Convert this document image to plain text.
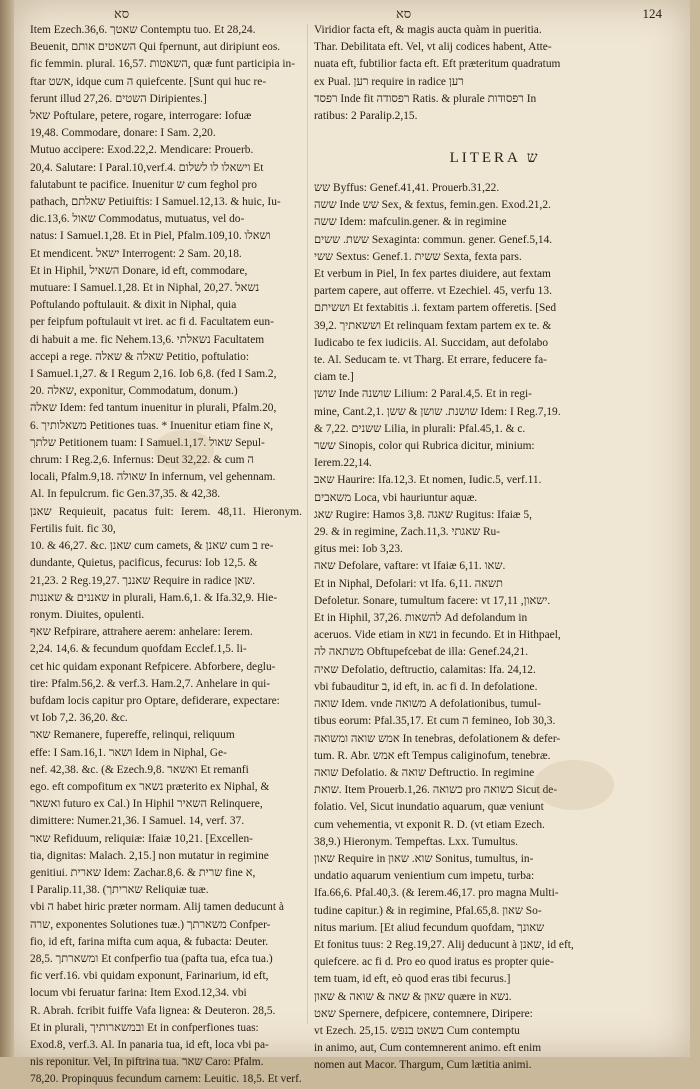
סא	סא	124

Item Ezech.36,6. שאטך Contemptu tuo. Et 28,24.

Beuenit, השאטים אותם Qui fpernunt, aut diripiunt eos.

fic femmin. plural. 16,57. השאטות, quæ funt participia in-

ftar אשט, idque cum ה quiefcente. [Sunt qui huc re-

ferunt illud 27,26. השטים Diripientes.]

שאל Poftulare, petere, rogare, interrogare: Iofuæ

19,48. Commodare, donare: I Sam. 2,20.

Mutuo accipere: Exod.22,2. Mendicare: Prouerb.

20,4. Salutare: I Paral.10,verf.4. וישאלו לו לשלום Et

falutabunt te pacifice. Inuenitur ש cum feghol pro

pathach, שאלתם Petiuiftis: I Samuel.12,13. & huic, Iu-

dic.13,6. שאול Commodatus, mutuatus, vel do-

natus: I Samuel.1,28. Et in Piel, Pfalm.109,10. ושאלו

Et mendicent. ישאל Interrogent: 2 Sam. 20,18.

Et in Hiphil, השאיל Donare, id eft, commodare,

mutuare: I Samuel.1,28. Et in Niphal, 20,27. נשאל

Poftulando poftulauit. & dixit in Niphal, quia

per feipfum poftulauit vt iret. ac fi d. Facultatem eun-

di habuit a me. fic Nehem.13,6. נשאלתי Facultatem

accepi a rege. שאלה & שאלה Petitio, poftulatio:

I Samuel.1,27. & I Regum 2,16. Iob 6,8. (fed I Sam.2,

20. שאלה, exponitur, Commodatum, donum.)

שאלה Idem: fed tantum inuenitur in plurali, Pfalm.20,

6. משאלותיך Petitiones tuas. * Inuenitur etiam fine א,

שלתך Petitionem tuam: I Samuel.1,17. שאול Sepul-

chrum: I Reg.2,6. Infernus: Deut 32,22. & cum ה

locali, Pfalm.9,18. שאולה In infernum, vel gehennam.

Al. In fepulcrum. fic Gen.37,35. & 42,38.

שאנן Requieuit, pacatus fuit: Ierem. 48,11. Hieronym. Fertilis fuit. fic 30,

10. & 46,27. &c. שאנן cum camets, & שאנן cum ב re-

dundante, Quietus, pacificus, fecurus: Iob 12,5. &

21,23. 2 Reg.19,27. שאננך Require in radice שאן.

שאננים & שאננות in plurali, Ham.6,1. & Ifa.32,9. Hie-

ronym. Diuites, opulenti.

שאף Refpirare, attrahere aerem: anhelare: Ierem.

2,24. 14,6. & fecundum quofdam Ecclef.1,5. li-

cet hic quidam exponant Refpicere. Abforbere, deglu-

tire: Pfalm.56,2. & verf.3. Ham.2,7. Anhelare in qui-

bufdam locis capitur pro Optare, defiderare, expectare:

vt Iob 7,2. 36,20. &c.

שאר Remanere, fupereffe, relinqui, reliquum

effe: I Sam.16,1. ושאר Idem in Niphal, Ge-

nef. 42,38. &c. (& Ezech.9,8. ואשאר Et remanfi

ego. eft compofitum ex נשאר præterito ex Niphal, &

ואשאר futuro ex Cal.) In Hiphil השאיר Relinquere,

dimittere: Numer.21,36. I Samuel. 14, verf. 37.

שאר Refiduum, reliquiæ: Ifaiæ 10,21. [Excellen-

tia, dignitas: Malach. 2,15.] non mutatur in regimine

genitiui. שארית Idem: Zachar.8,6. & שרית fine א,

I Paralip.11,38. (שאריתך Reliquiæ tuæ.

vbi ה habet hiric præter normam. Alij tamen deducunt à

שרה, exponentes Solutiones tuæ.) משארתך Confper-

fio, id eft, farina mifta cum aqua, & fubacta: Deuter.

28,5. ומשארתך Et confperfio tua (pafta tua, efca tua.)

fic verf.16. vbi quidam exponunt, Farinarium, id eft,

locum vbi feruatur farina: Item Exod.12,34. vbi

R. Abrah. fcribit fuiffe Vafa lignea: & Deuteron. 28,5.

Et in plurali, ובמשארותיך Et in confperfiones tuas:

Exod.8, verf.3. Al. In panaria tua, id eft, loca vbi pa-

nis reponitur. Vel, In piftrina tua. שאר Caro: Pfalm.

78,20. Propinquus fecundum carnem: Leuitic. 18,5. Et verf.

Viridior facta eft, & magis aucta quàm in pueritia.

Thar. Debilitata eft. Vel, vt alij codices habent, Atte-

nuata eft, fubtilior facta eft. Eft præteritum quadratum

ex Pual. רען require in radice רען

רפסד Inde fit רפסודה Ratis. & plurale רפסודות In

ratibus: 2 Paralip.2,15.

LITERA ש

שש Byffus: Genef.41,41. Prouerb.31,22.

ששה Inde שש Sex, & fextus, femin.gen. Exod.21,2.

ששה Idem: mafculin.gener. & in regimine

ששת. ששים Sexaginta: commun. gener. Genef.5,14.

ששי Sextus: Genef.1. ששית Sexta, fexta pars.

Et verbum in Piel, In fex partes diuidere, aut fextam

partem capere, aut offerre. vt Ezechiel. 45, verfu 13.

וששיתם Et fextabitis .i. fextam partem offeretis. [Sed

39,2. וששאתיך Et relinquam fextam partem ex te. &

Iudicabo te fex iudiciis. Al. Succidam, aut defolabo

te. Al. Seducam te. vt Tharg. Et errare, feducere fa-

ciam te.]

שושן Inde שושנה Lilium: 2 Paral.4,5. Et in regi-

mine, Cant.2,1. שושנת. שושן & ששן Idem: I Reg.7,19.

& 7,22. ששנים Lilia, in plurali: Pfal.45,1. & c.

ששר Sinopis, color qui Rubrica dicitur, minium:

Ierem.22,14.

שאב Haurire: Ifa.12,3. Et nomen, Iudic.5, verf.11.

משאבים Loca, vbi hauriuntur aquæ.

שאג Rugire: Hamos 3,8. שאגה Rugitus: Ifaiæ 5,

29. & in regimine, Zach.11,3. שאגתי Ru-

gitus mei: Iob 3,23.

שאה Defolare, vaftare: vt Ifaiæ 6,11. שאו.

Et in Niphal, Defolari: vt Ifa. 6,11. תשאה

Defoletur. Sonare, tumultum facere: vt ישאון, 17,11.

Et in Hiphil, 37,26. להשאות Ad defolandum in

aceruos. Vide etiam in נשא in fecundo. Et in Hithpael,

משתאה לה Obftupefcebat de illa: Genef.24,21.

שאיה Defolatio, deftructio, calamitas: Ifa. 24,12.

vbi fubauditur ב, id eft, in. ac fi d. In defolatione.

שואה Idem. vnde משואה A defolationibus, tumul-

tibus eorum: Pfal.35,17. Et cum ה femineo, Iob 30,3.

אמש שואה ומשואה In tenebras, defolationem & defer-

tum. R. Abr. אמש eft Tempus caliginofum, tenebræ.

שואה Defolatio. & שואה Deftructio. In regimine

שואת. Item Prouerb.1,26. כשואה pro כשואה Sicut de-

folatio. Vel, Sicut inundatio aquarum, quæ veniunt

cum vehementia, vt exponit R. D. (vt etiam Ezech.

38,9.) Hieronym. Tempeftas. Lxx. Tumultus.

שאון Require in שוא. שאון Sonitus, tumultus, in-

undatio aquarum venientium cum impetu, turba:

Ifa.66,6. Pfal.40,3. (& Ierem.46,17. pro magna Multi-

tudine capitur.) & in regimine, Pfal.65,8. שאון So-

nitus marium. [Et aliud fecundum quofdam, שאונך

Et fonitus tuus: 2 Reg.19,27. Alij deducunt à שאנן, id eft,

quiefcere. ac fi d. Pro eo quod iratus es propter quie-

tem tuam, id eft, eò quod eras tibi fecurus.]

שאון & שאה & שואה & שאון quære in נשא.

שאט Spernere, defpicere, contemnere, Diripere:

vt Ezech. 25,15. בשאט בנפש Cum contemptu

in animo, aut, Cum contemnerent animo. eft enim

nomen aut Macor. Thargum, Cum lætitia animi.
